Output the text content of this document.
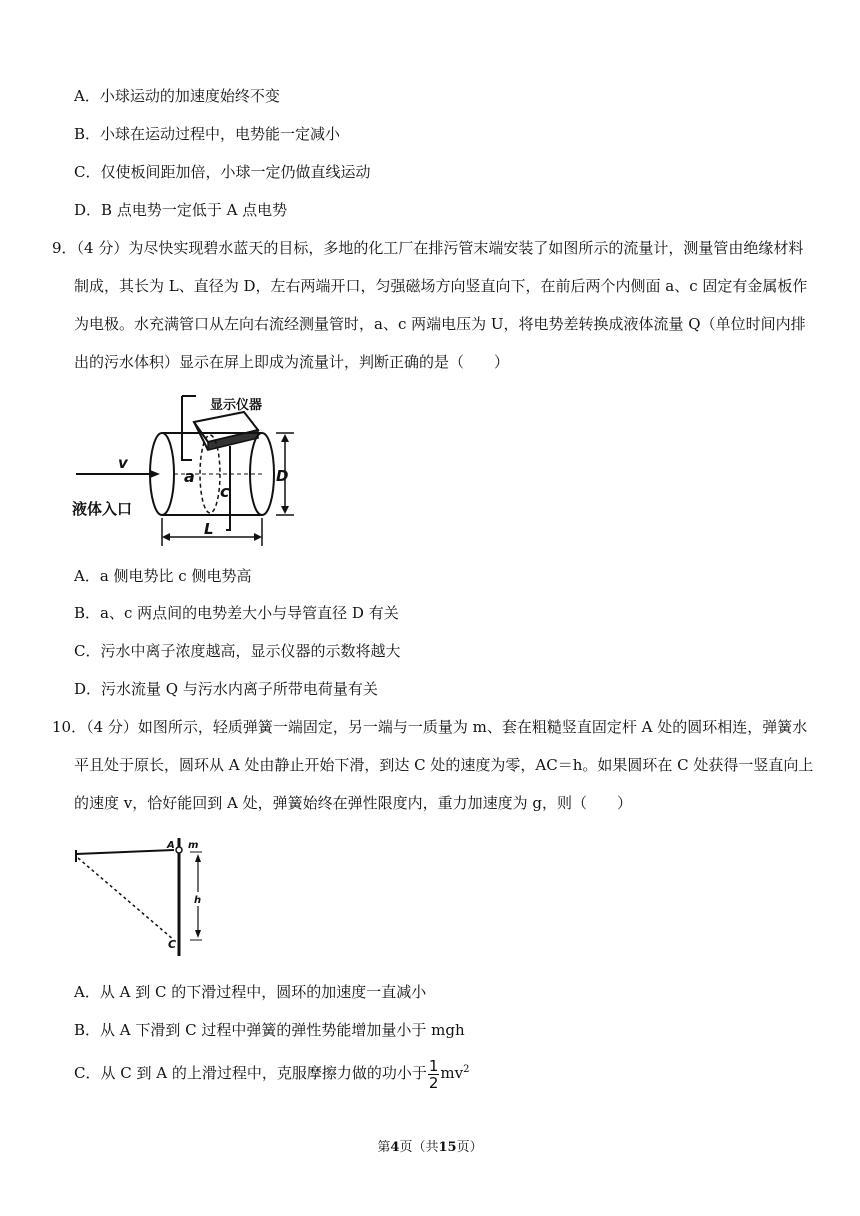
A．小球运动的加速度始终不变
B．小球在运动过程中，电势能一定减小
C．仅使板间距加倍，小球一定仍做直线运动
D．B 点电势一定低于 A 点电势
9．（4 分）为尽快实现碧水蓝天的目标，多地的化工厂在排污管末端安装了如图所示的流量计，测量管由绝缘材料
制成，其长为 L、直径为 D，左右两端开口，匀强磁场方向竖直向下，在前后两个内侧面 a、c 固定有金属板作
为电极。水充满管口从左向右流经测量管时，a、c 两端电压为 U，将电势差转换成液体流量 Q（单位时间内排
出的污水体积）显示在屏上即成为流量计，判断正确的是（　　）
显示仪器
v
a
c
D
L
液体入口
A．a 侧电势比 c 侧电势高
B．a、c 两点间的电势差大小与导管直径 D 有关
C．污水中离子浓度越高，显示仪器的示数将越大
D．污水流量 Q 与污水内离子所带电荷量有关
10．（4 分）如图所示，轻质弹簧一端固定，另一端与一质量为 m、套在粗糙竖直固定杆 A 处的圆环相连，弹簧水
平且处于原长，圆环从 A 处由静止开始下滑，到达 C 处的速度为零，AC＝h。如果圆环在 C 处获得一竖直向上
的速度 v，恰好能回到 A 处，弹簧始终在弹性限度内，重力加速度为 g，则（　　）
A m
h
C
A．从 A 到 C 的下滑过程中，圆环的加速度一直减小
B．从 A 下滑到 C 过程中弹簧的弹性势能增加量小于 mgh
C．从 C 到 A 的上滑过程中，克服摩擦力做的功小于 $\frac{1}{2} mv^2$
第4页（共15页）
